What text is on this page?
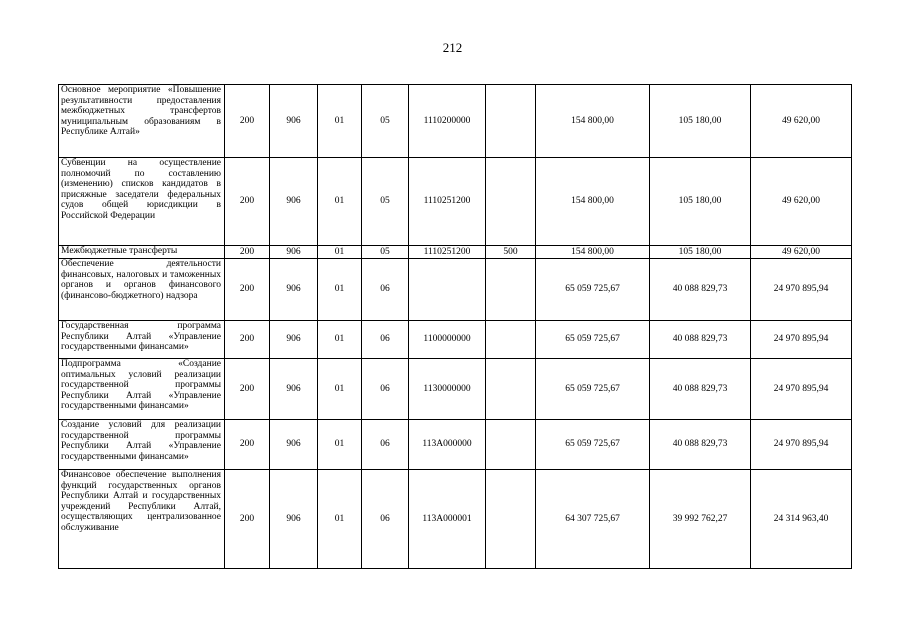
212
Основное мероприятие «Повышение результативности предоставления межбюджетных трансфертов муниципальным образованиям в Республике Алтай»	200	906	01	05	1110200000		154 800,00	105 180,00	49 620,00
Субвенции на осуществление полномочий по составлению (изменению) списков кандидатов в присяжные заседатели федеральных судов общей юрисдикции в Российской Федерации	200	906	01	05	1110251200		154 800,00	105 180,00	49 620,00
Межбюджетные трансферты	200	906	01	05	1110251200	500	154 800,00	105 180,00	49 620,00
Обеспечение деятельности финансовых, налоговых и таможенных органов и органов финансового (финансово-бюджетного) надзора	200	906	01	06			65 059 725,67	40 088 829,73	24 970 895,94
Государственная программа Республики Алтай «Управление государственными финансами»	200	906	01	06	1100000000		65 059 725,67	40 088 829,73	24 970 895,94
Подпрограмма «Создание оптимальных условий реализации государственной программы Республики Алтай «Управление государственными финансами»	200	906	01	06	1130000000		65 059 725,67	40 088 829,73	24 970 895,94
Создание условий для реализации государственной программы Республики Алтай «Управление государственными финансами»	200	906	01	06	113A000000		65 059 725,67	40 088 829,73	24 970 895,94
Финансовое обеспечение выполнения функций государственных органов Республики Алтай и государственных учреждений Республики Алтай, осуществляющих централизованное обслуживание	200	906	01	06	113A000001		64 307 725,67	39 992 762,27	24 314 963,40
